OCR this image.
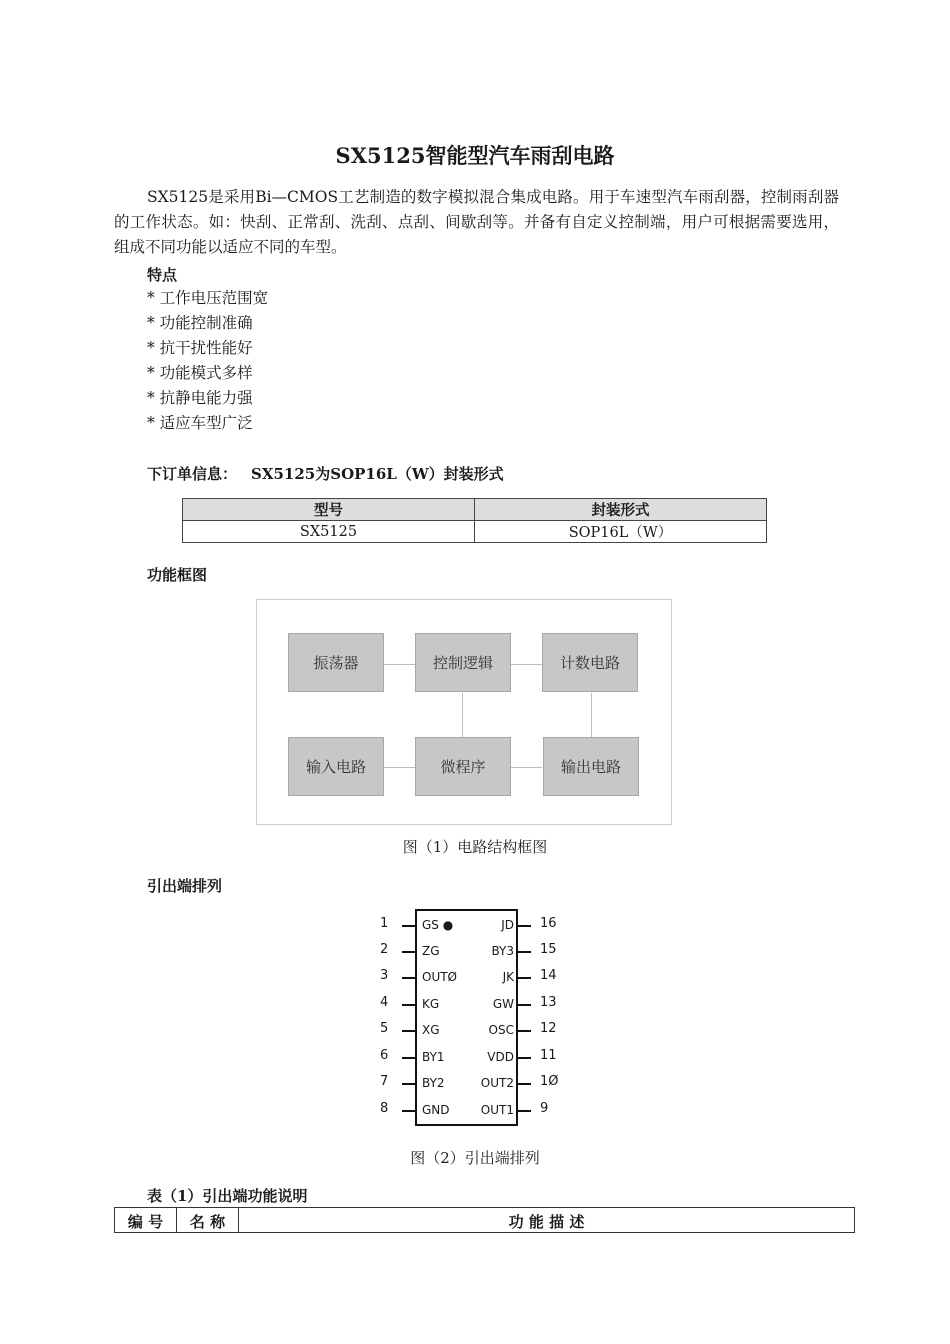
SX5125智能型汽车雨刮电路
SX5125是采用Bi—CMOS工艺制造的数字模拟混合集成电路。用于车速型汽车雨刮器，控制雨刮器的工作状态。如：快刮、正常刮、洗刮、点刮、间歇刮等。并备有自定义控制端，用户可根据需要选用，组成不同功能以适应不同的车型。
特点
* 工作电压范围宽
* 功能控制准确
* 抗干扰性能好
* 功能模式多样
* 抗静电能力强
* 适应车型广泛
下订单信息： SX5125为SOP16L（W）封装形式
型号	封装形式
SX5125	SOP16L（W）
功能框图
振荡器	控制逻辑	计数电路
输入电路	微程序	输出电路
图（1）电路结构框图
引出端排列
1	GS ●
2	ZG
3	OUTØ
4	KG
5	XG
6	BY1
7	BY2
8	GND
16
JD
15
BY3
14
JK
13
GW
12
OSC
11
VDD
1Ø
OUT2
9
OUT1
图（2）引出端排列
表（1）引出端功能说明
编 号	名 称	功 能 描 述
